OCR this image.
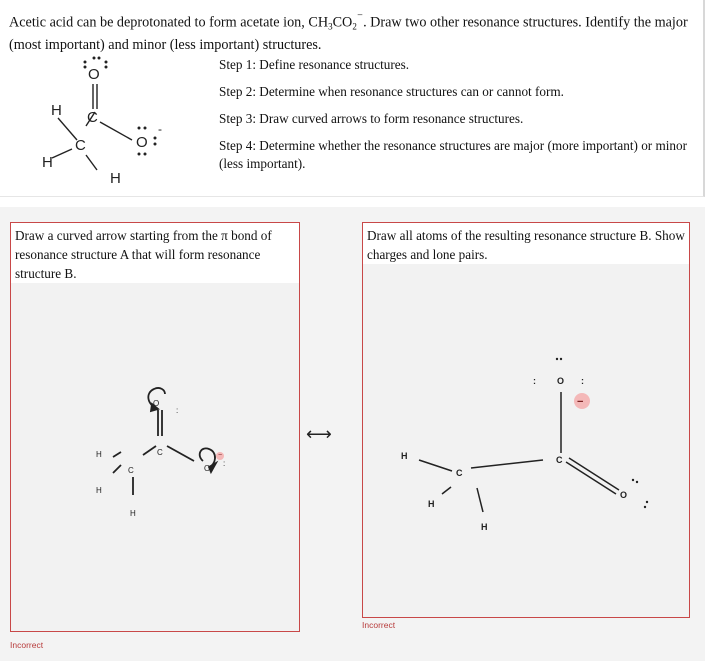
Acetic acid can be deprotonated to form acetate ion, $CH_3CO_2^{^-}$. Draw two other resonance structures. Identify the major (most important) and minor (less important) structures.
O
C
C
H
H
H
O
-
Step 1: Define resonance structures.
Step 2: Determine when resonance structures can or cannot form.
Step 3: Draw curved arrows to form resonance structures.
Step 4: Determine whether the resonance structures are major (more important) or minor (less important).
Draw a curved arrow starting from the π bond of resonance structure A that will form resonance structure B.
C
C
H
H
H
O
O
:
:
−
⟷
Draw all atoms of the resulting resonance structure B. Show charges and lone pairs.
O
C
C
O
H
H
H
:	:
−
Incorrect
Incorrect
